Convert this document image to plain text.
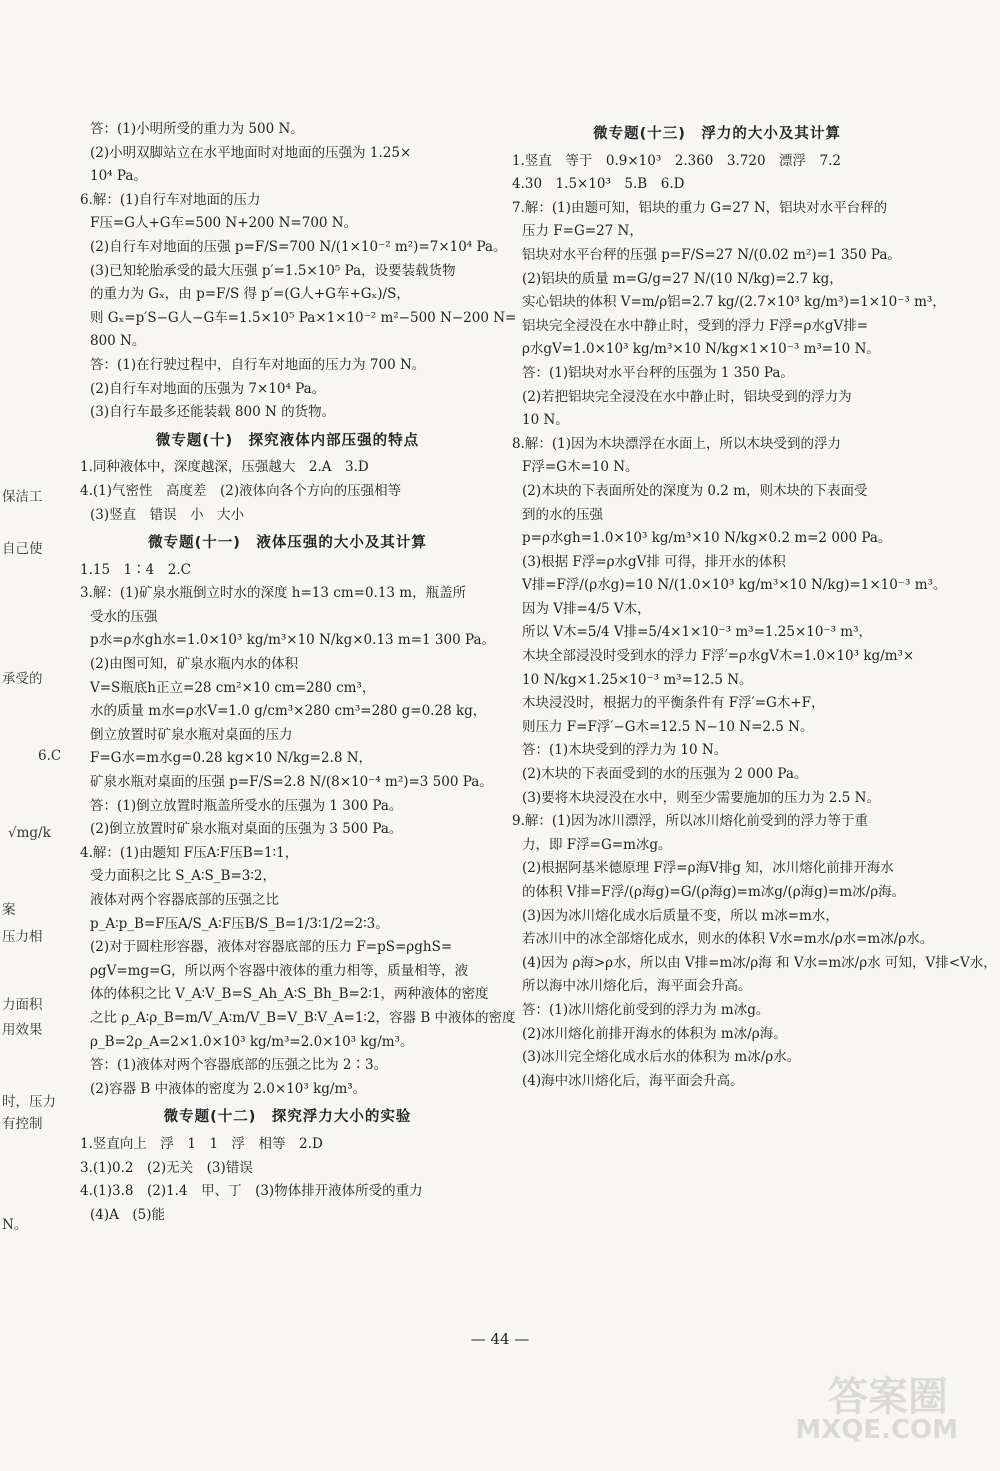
保洁工
自己使
承受的
6.C
√mg/k
案
压力相
力面积
用效果
时，压力
有控制
N。
答：(1)小明所受的重力为 500 N。
(2)小明双脚站立在水平地面时对地面的压强为 1.25×
10⁴ Pa。
6.解：(1)自行车对地面的压力
F压=G人+G车=500 N+200 N=700 N。
(2)自行车对地面的压强 p=F/S=700 N/(1×10⁻² m²)=7×10⁴ Pa。
(3)已知轮胎承受的最大压强 p′=1.5×10⁵ Pa，设要装载货物
的重力为 Gₓ，由 p=F/S 得 p′=(G人+G车+Gₓ)/S，
则 Gₓ=p′S−G人−G车=1.5×10⁵ Pa×1×10⁻² m²−500 N−200 N=
800 N。
答：(1)在行驶过程中，自行车对地面的压力为 700 N。
(2)自行车对地面的压强为 7×10⁴ Pa。
(3)自行车最多还能装载 800 N 的货物。
微专题(十)　探究液体内部压强的特点
1.同种液体中，深度越深，压强越大　2.A　3.D
4.(1)气密性　高度差　(2)液体向各个方向的压强相等
(3)竖直　错误　小　大小
微专题(十一)　液体压强的大小及其计算
1.15　1∶4　2.C
3.解：(1)矿泉水瓶倒立时水的深度 h=13 cm=0.13 m，瓶盖所
受水的压强
p水=ρ水gh水=1.0×10³ kg/m³×10 N/kg×0.13 m=1 300 Pa。
(2)由图可知，矿泉水瓶内水的体积
V=S瓶底h正立=28 cm²×10 cm=280 cm³，
水的质量 m水=ρ水V=1.0 g/cm³×280 cm³=280 g=0.28 kg，
倒立放置时矿泉水瓶对桌面的压力
F=G水=m水g=0.28 kg×10 N/kg=2.8 N，
矿泉水瓶对桌面的压强 p=F/S=2.8 N/(8×10⁻⁴ m²)=3 500 Pa。
答：(1)倒立放置时瓶盖所受水的压强为 1 300 Pa。
(2)倒立放置时矿泉水瓶对桌面的压强为 3 500 Pa。
4.解：(1)由题知 F压A∶F压B=1∶1，
受力面积之比 S_A∶S_B=3∶2，
液体对两个容器底部的压强之比
p_A∶p_B=F压A/S_A∶F压B/S_B=1/3∶1/2=2∶3。
(2)对于圆柱形容器，液体对容器底部的压力 F=pS=ρghS=
ρgV=mg=G，所以两个容器中液体的重力相等，质量相等，液
体的体积之比 V_A∶V_B=S_Ah_A∶S_Bh_B=2∶1，两种液体的密度
之比 ρ_A∶ρ_B=m/V_A∶m/V_B=V_B∶V_A=1∶2，容器 B 中液体的密度
ρ_B=2ρ_A=2×1.0×10³ kg/m³=2.0×10³ kg/m³。
答：(1)液体对两个容器底部的压强之比为 2∶3。
(2)容器 B 中液体的密度为 2.0×10³ kg/m³。
微专题(十二)　探究浮力大小的实验
1.竖直向上　浮　1　1　浮　相等　2.D
3.(1)0.2　(2)无关　(3)错误
4.(1)3.8　(2)1.4　甲、丁　(3)物体排开液体所受的重力
(4)A　(5)能
微专题(十三)　浮力的大小及其计算
1.竖直　等于　0.9×10³　2.360　3.720　漂浮　7.2
4.30　1.5×10³　5.B　6.D
7.解：(1)由题可知，铝块的重力 G=27 N，铝块对水平台秤的
压力 F=G=27 N，
铝块对水平台秤的压强 p=F/S=27 N/(0.02 m²)=1 350 Pa。
(2)铝块的质量 m=G/g=27 N/(10 N/kg)=2.7 kg，
实心铝块的体积 V=m/ρ铝=2.7 kg/(2.7×10³ kg/m³)=1×10⁻³ m³，
铝块完全浸没在水中静止时，受到的浮力 F浮=ρ水gV排=
ρ水gV=1.0×10³ kg/m³×10 N/kg×1×10⁻³ m³=10 N。
答：(1)铝块对水平台秤的压强为 1 350 Pa。
(2)若把铝块完全浸没在水中静止时，铝块受到的浮力为
10 N。
8.解：(1)因为木块漂浮在水面上，所以木块受到的浮力
F浮=G木=10 N。
(2)木块的下表面所处的深度为 0.2 m，则木块的下表面受
到的水的压强
p=ρ水gh=1.0×10³ kg/m³×10 N/kg×0.2 m=2 000 Pa。
(3)根据 F浮=ρ水gV排 可得，排开水的体积
V排=F浮/(ρ水g)=10 N/(1.0×10³ kg/m³×10 N/kg)=1×10⁻³ m³。
因为 V排=4/5 V木，
所以 V木=5/4 V排=5/4×1×10⁻³ m³=1.25×10⁻³ m³，
木块全部浸没时受到水的浮力 F浮′=ρ水gV木=1.0×10³ kg/m³×
10 N/kg×1.25×10⁻³ m³=12.5 N。
木块浸没时，根据力的平衡条件有 F浮′=G木+F，
则压力 F=F浮′−G木=12.5 N−10 N=2.5 N。
答：(1)木块受到的浮力为 10 N。
(2)木块的下表面受到的水的压强为 2 000 Pa。
(3)要将木块浸没在水中，则至少需要施加的压力为 2.5 N。
9.解：(1)因为冰川漂浮，所以冰川熔化前受到的浮力等于重
力，即 F浮=G=m冰g。
(2)根据阿基米德原理 F浮=ρ海V排g 知，冰川熔化前排开海水
的体积 V排=F浮/(ρ海g)=G/(ρ海g)=m冰g/(ρ海g)=m冰/ρ海。
(3)因为冰川熔化成水后质量不变，所以 m冰=m水，
若冰川中的冰全部熔化成水，则水的体积 V水=m水/ρ水=m冰/ρ水。
(4)因为 ρ海>ρ水，所以由 V排=m冰/ρ海 和 V水=m冰/ρ水 可知，V排<V水，
所以海中冰川熔化后，海平面会升高。
答：(1)冰川熔化前受到的浮力为 m冰g。
(2)冰川熔化前排开海水的体积为 m冰/ρ海。
(3)冰川完全熔化成水后水的体积为 m冰/ρ水。
(4)海中冰川熔化后，海平面会升高。
— 44 —
答案圈
MXQE.COM
